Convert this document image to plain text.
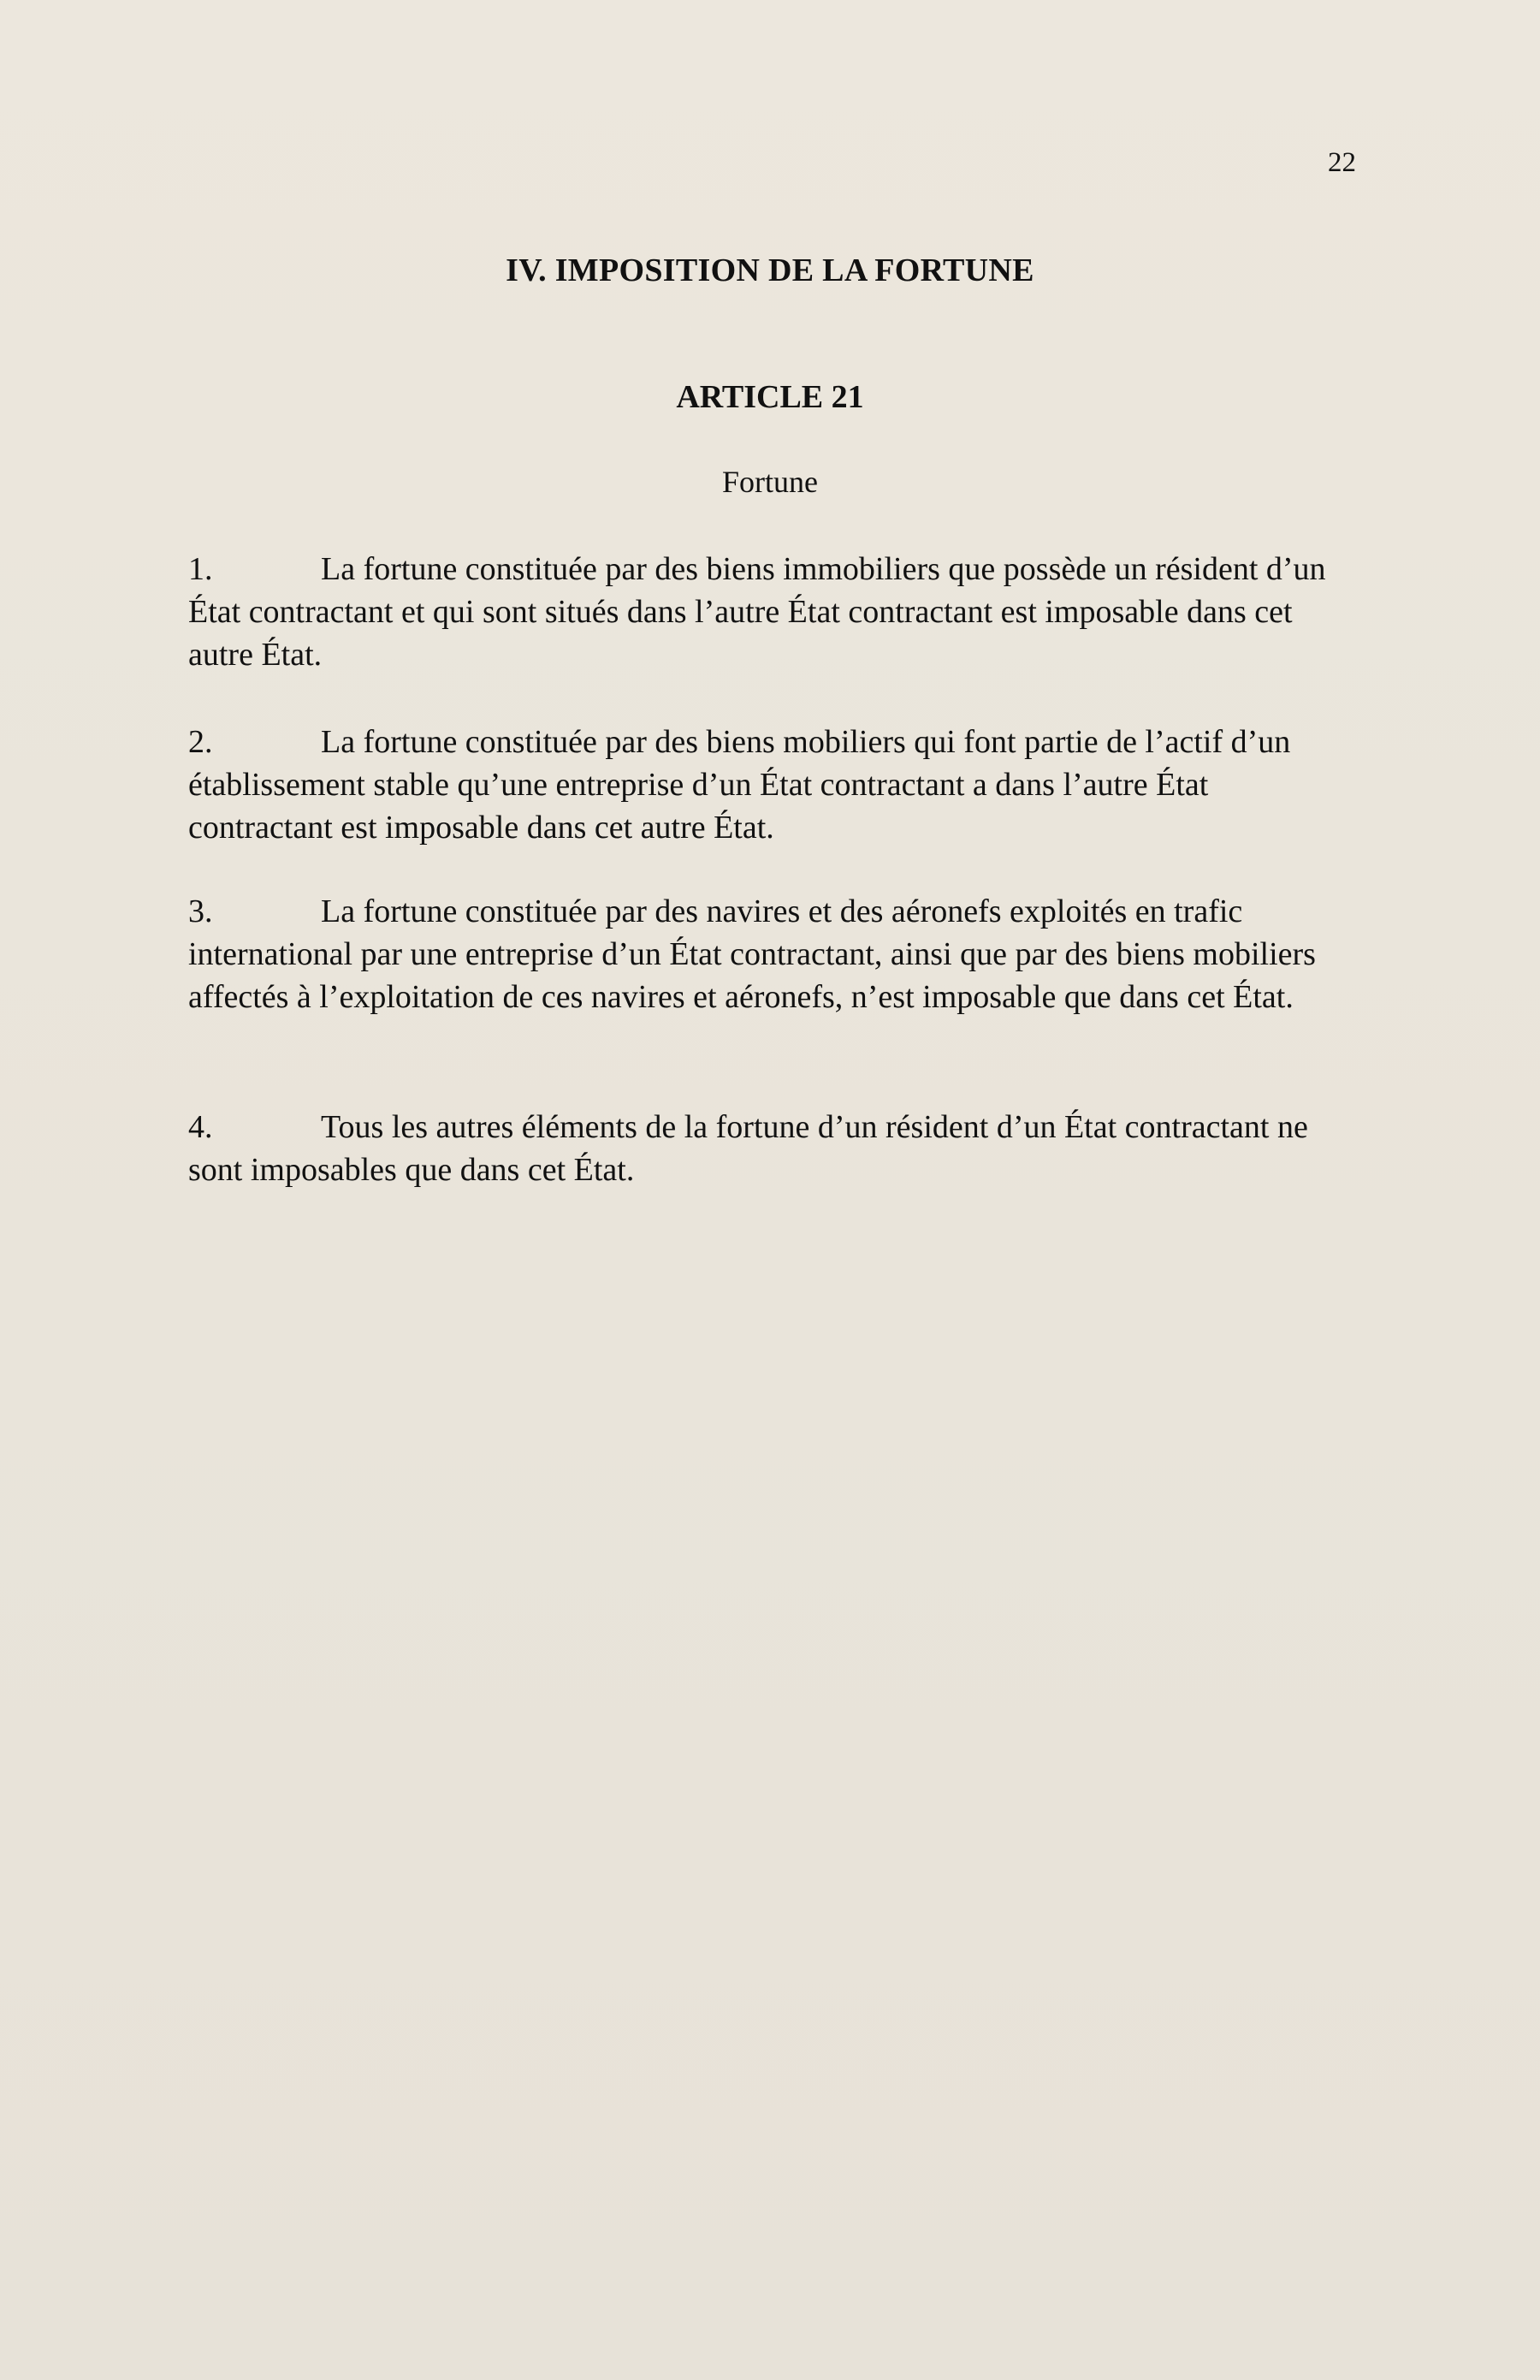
22
IV. IMPOSITION DE LA FORTUNE
ARTICLE 21
Fortune
1.	La fortune constituée par des biens immobiliers que possède un résident d’un État contractant et qui sont situés dans l’autre État contractant est imposable dans cet autre État.
2.	La fortune constituée par des biens mobiliers qui font partie de l’actif d’un établissement stable qu’une entreprise d’un État contractant a dans l’autre État contractant est imposable dans cet autre État.
3.	La fortune constituée par des navires et des aéronefs exploités en trafic international par une entreprise d’un État contractant, ainsi que par des biens mobiliers affectés à l’exploitation de ces navires et aéronefs, n’est imposable que dans cet État.
4.	Tous les autres éléments de la fortune d’un résident d’un État contractant ne sont imposables que dans cet État.
